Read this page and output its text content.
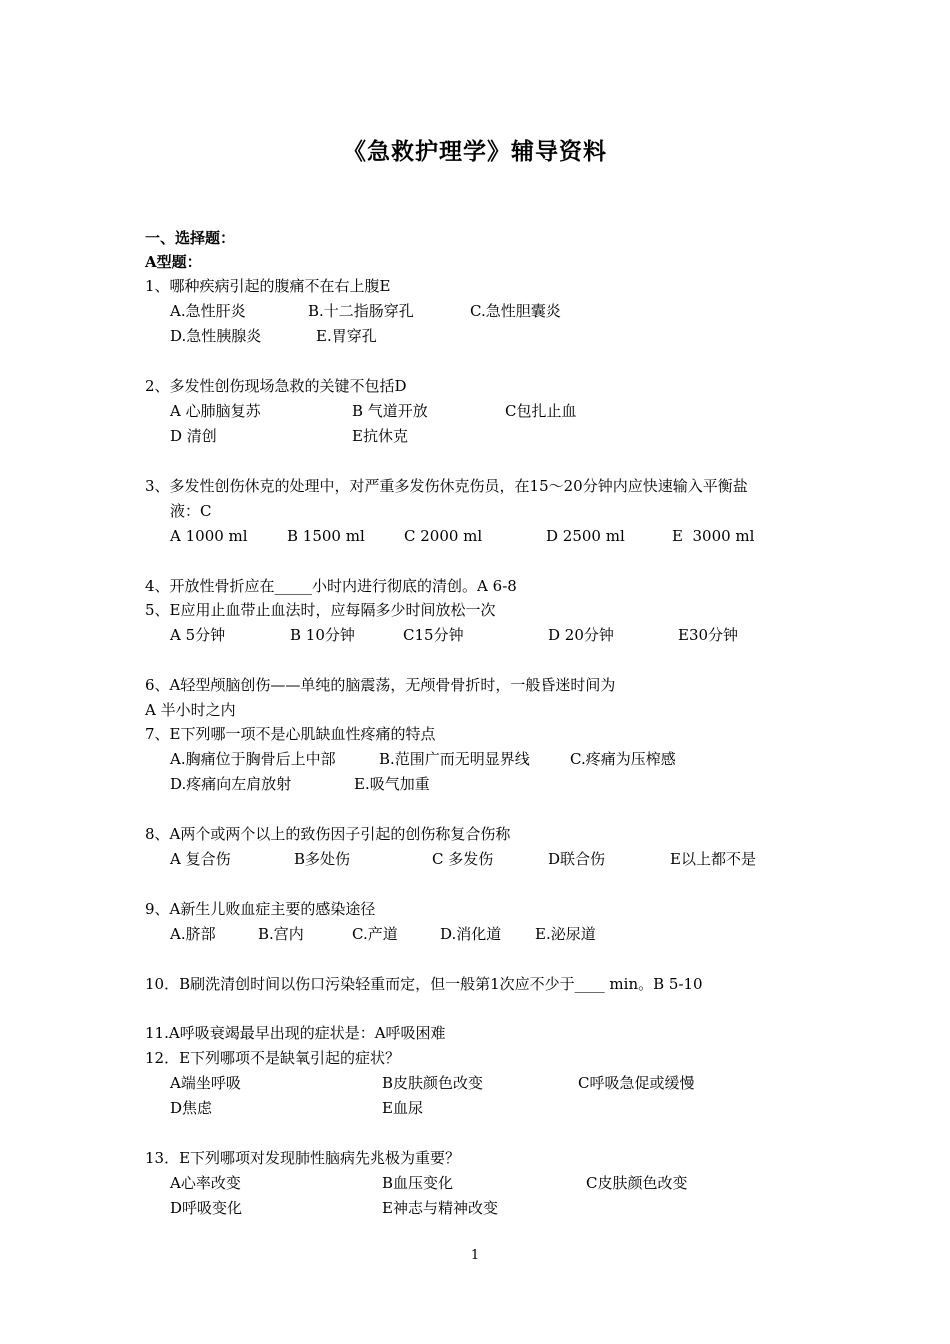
《急救护理学》辅导资料
一、选择题：
A型题：
1、哪种疾病引起的腹痛不在右上腹E
A.急性肝炎	B.十二指肠穿孔	C.急性胆囊炎
D.急性胰腺炎	E.胃穿孔
2、多发性创伤现场急救的关键不包括D
A 心肺脑复苏	B 气道开放	C包扎止血
D 清创	E抗休克
3、多发性创伤休克的处理中，对严重多发伤休克伤员，在15～20分钟内应快速输入平衡盐
液：C
A 1000 ml	B 1500 ml	C 2000 ml	D 2500 ml	E  3000 ml
4、开放性骨折应在_____小时内进行彻底的清创。A 6-8
5、E应用止血带止血法时，应每隔多少时间放松一次
A 5分钟	B 10分钟	C15分钟	D 20分钟	E30分钟
6、A轻型颅脑创伤——单纯的脑震荡，无颅骨骨折时，一般昏迷时间为
A 半小时之内
7、E下列哪一项不是心肌缺血性疼痛的特点
A.胸痛位于胸骨后上中部	B.范围广而无明显界线	C.疼痛为压榨感
D.疼痛向左肩放射	E.吸气加重
8、A两个或两个以上的致伤因子引起的创伤称复合伤称
A 复合伤	B多处伤	C 多发伤	D联合伤	E以上都不是
9、A新生儿败血症主要的感染途径
A.脐部	B.宫内	C.产道	D.消化道 E.泌尿道
10．B刷洗清创时间以伤口污染轻重而定，但一般第1次应不少于____ min。B 5-10
11.A呼吸衰竭最早出现的症状是：A呼吸困难
12．E下列哪项不是缺氧引起的症状？
A端坐呼吸	B皮肤颜色改变	C呼吸急促或缓慢
D焦虑	E血尿
13．E下列哪项对发现肺性脑病先兆极为重要？
A心率改变	B血压变化	C皮肤颜色改变
D呼吸变化	E神志与精神改变
1
